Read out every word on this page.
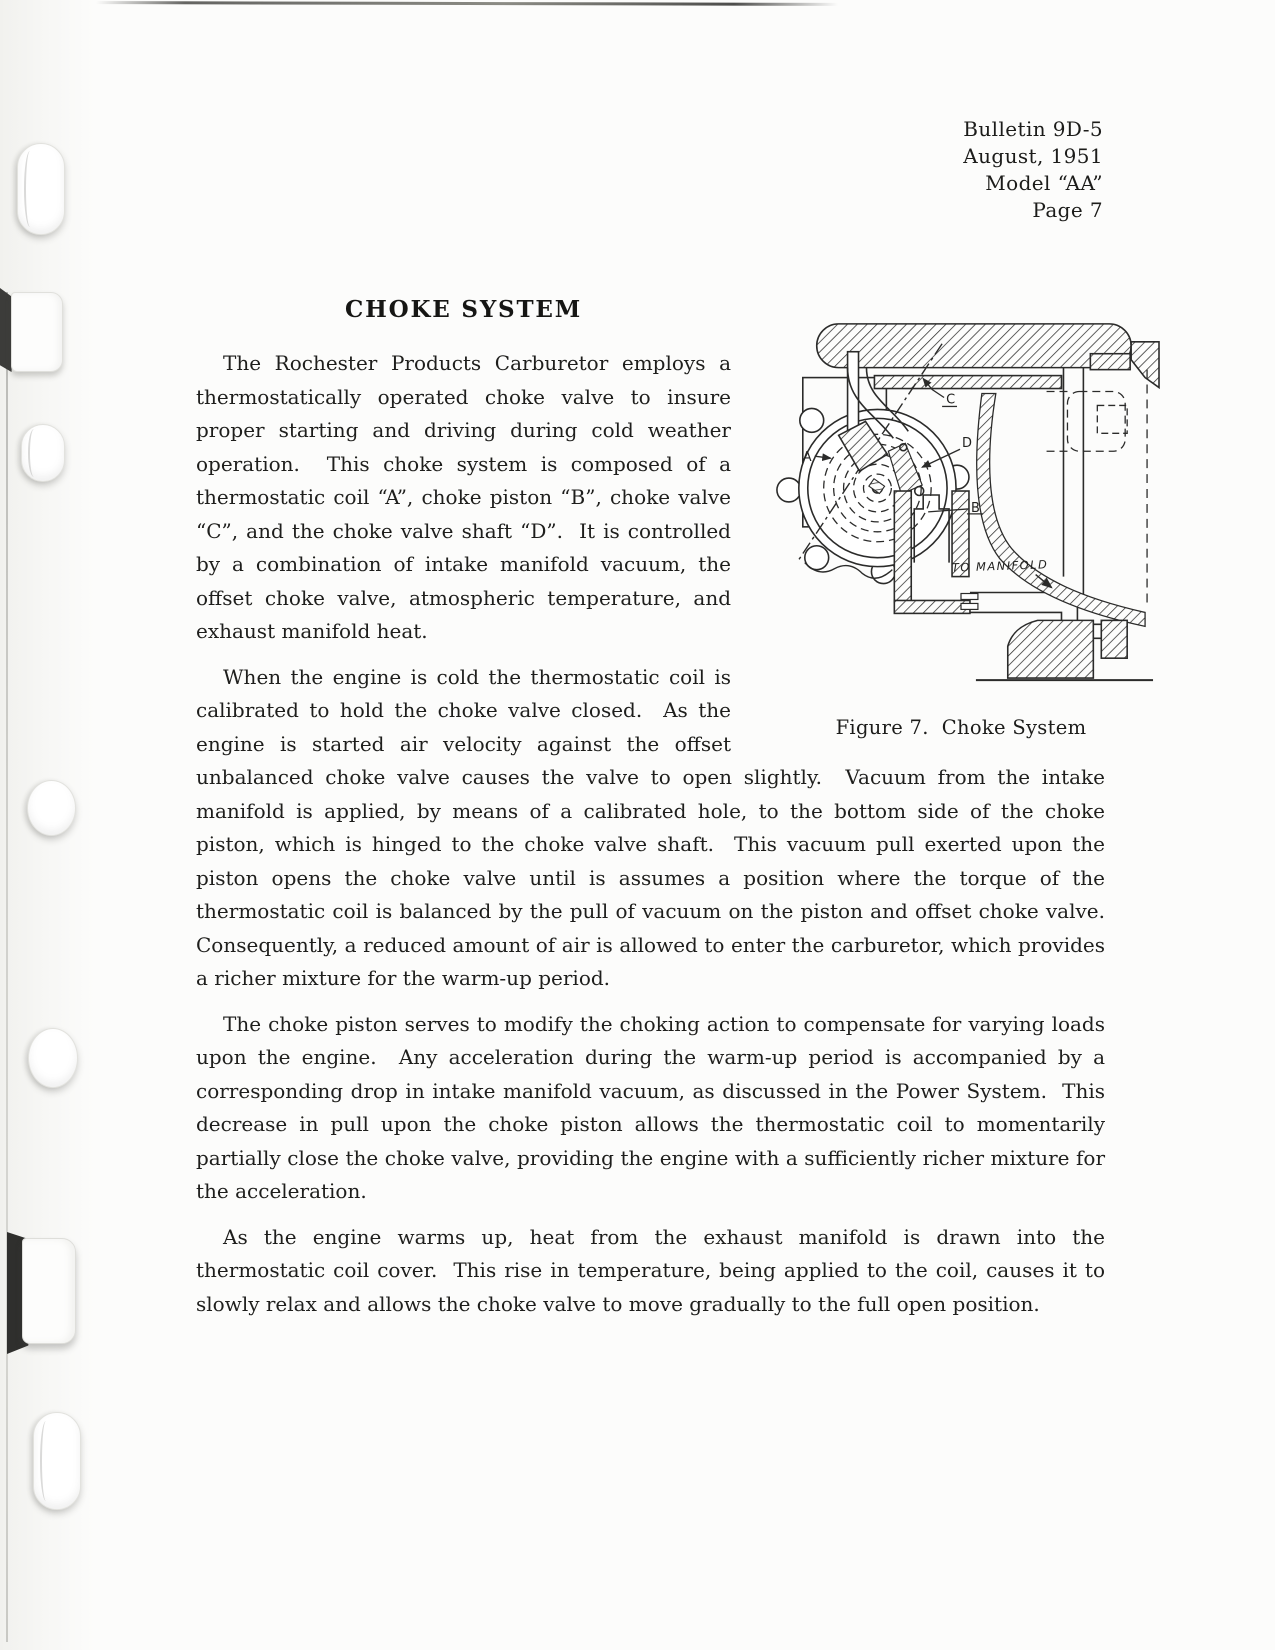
Bulletin 9D-5
August, 1951
Model “AA”
Page 7
A
B
C
D
TO MANIFOLD
Figure 7.  Choke System
CHOKE SYSTEM

The Rochester Products Carburetor employs a thermostatically operated choke valve to insure proper starting and driving during cold weather operation.  This choke system is composed of a thermostatic coil “A”, choke piston “B”, choke valve “C”, and the choke valve shaft “D”.  It is controlled by a combination of intake manifold vacuum, the offset choke valve, atmospheric temperature, and exhaust manifold heat.

When the engine is cold the thermostatic coil is calibrated to hold the choke valve closed.  As the engine is started air velocity against the offset unbalanced choke valve causes the valve to open slightly.  Vacuum from the intake manifold is applied, by means of a calibrated hole, to the bottom side of the choke piston, which is hinged to the choke valve shaft.  This vacuum pull exerted upon the piston opens the choke valve until is assumes a position where the torque of the thermostatic coil is balanced by the pull of vacuum on the piston and offset choke valve.  Consequently, a reduced amount of air is allowed to enter the carburetor, which provides a richer mixture for the warm-up period.

The choke piston serves to modify the choking action to compensate for varying loads upon the engine.  Any acceleration during the warm-up period is accompanied by a corresponding drop in intake manifold vacuum, as discussed in the Power System.  This decrease in pull upon the choke piston allows the thermostatic coil to momentarily partially close the choke valve, providing the engine with a sufficiently richer mixture for the acceleration.

As the engine warms up, heat from the exhaust manifold is drawn into the thermostatic coil cover.  This rise in temperature, being applied to the coil, causes it to slowly relax and allows the choke valve to move gradually to the full open position.
